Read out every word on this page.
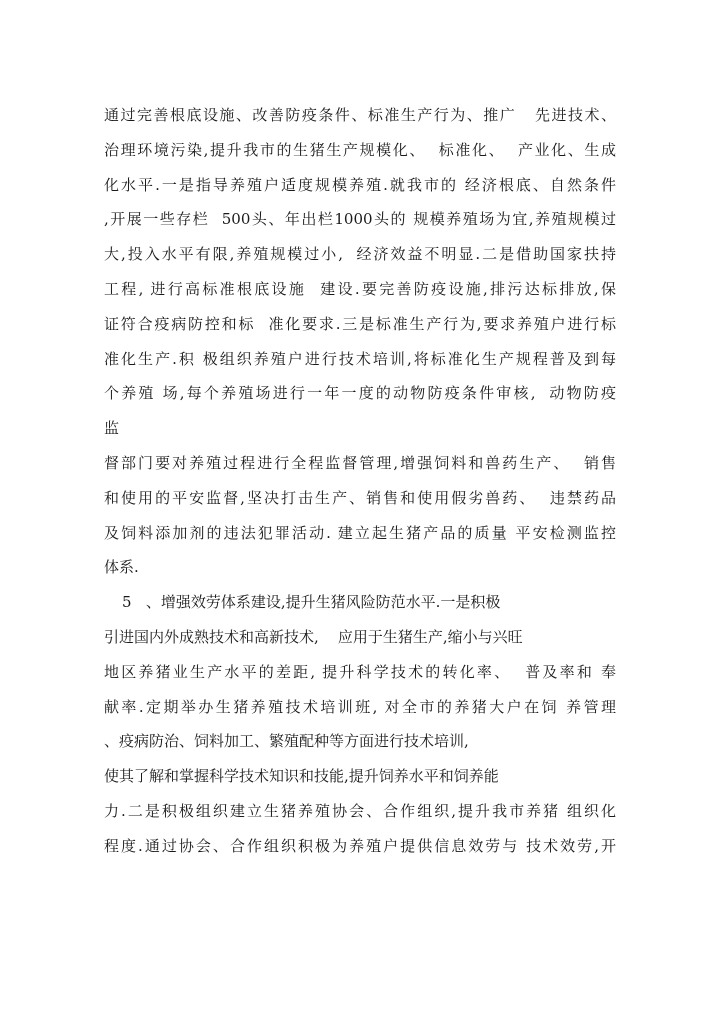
通过完善根底设施、改善防疫条件、标准生产行为、推广   先进技术、
治理环境污染,提升我市的生猪生产规模化、  标准化、  产业化、生成
化水平.一是指导养殖户适度规模养殖.就我市的 经济根底、自然条件
,开展一些存栏  500头、年出栏1000头的 规模养殖场为宜,养殖规模过
大,投入水平有限,养殖规模过小,  经济效益不明显.二是借助国家扶持
工程, 进行高标准根底设施  建设.要完善防疫设施,排污达标排放,保
证符合疫病防控和标  准化要求.三是标准生产行为,要求养殖户进行标
准化生产.积 极组织养殖户进行技术培训,将标准化生产规程普及到每
个养殖 场,每个养殖场进行一年一度的动物防疫条件审核,  动物防疫
监
督部门要对养殖过程进行全程监督管理,增强饲料和兽药生产、  销售
和使用的平安监督,坚决打击生产、销售和使用假劣兽药、  违禁药品
及饲料添加剂的违法犯罪活动. 建立起生猪产品的质量 平安检测监控
体系.
5   、增强效劳体系建设,提升生猪风险防范水平.一是积极
引进国内外成熟技术和高新技术,    应用于生猪生产,缩小与兴旺
地区养猪业生产水平的差距, 提升科学技术的转化率、  普及率和 奉
献率.定期举办生猪养殖技术培训班, 对全市的养猪大户在饲 养管理
、疫病防治、饲料加工、繁殖配种等方面进行技术培训,
使其了解和掌握科学技术知识和技能,提升饲养水平和饲养能
力.二是积极组织建立生猪养殖协会、合作组织,提升我市养猪 组织化
程度.通过协会、合作组织积极为养殖户提供信息效劳与 技术效劳,开
